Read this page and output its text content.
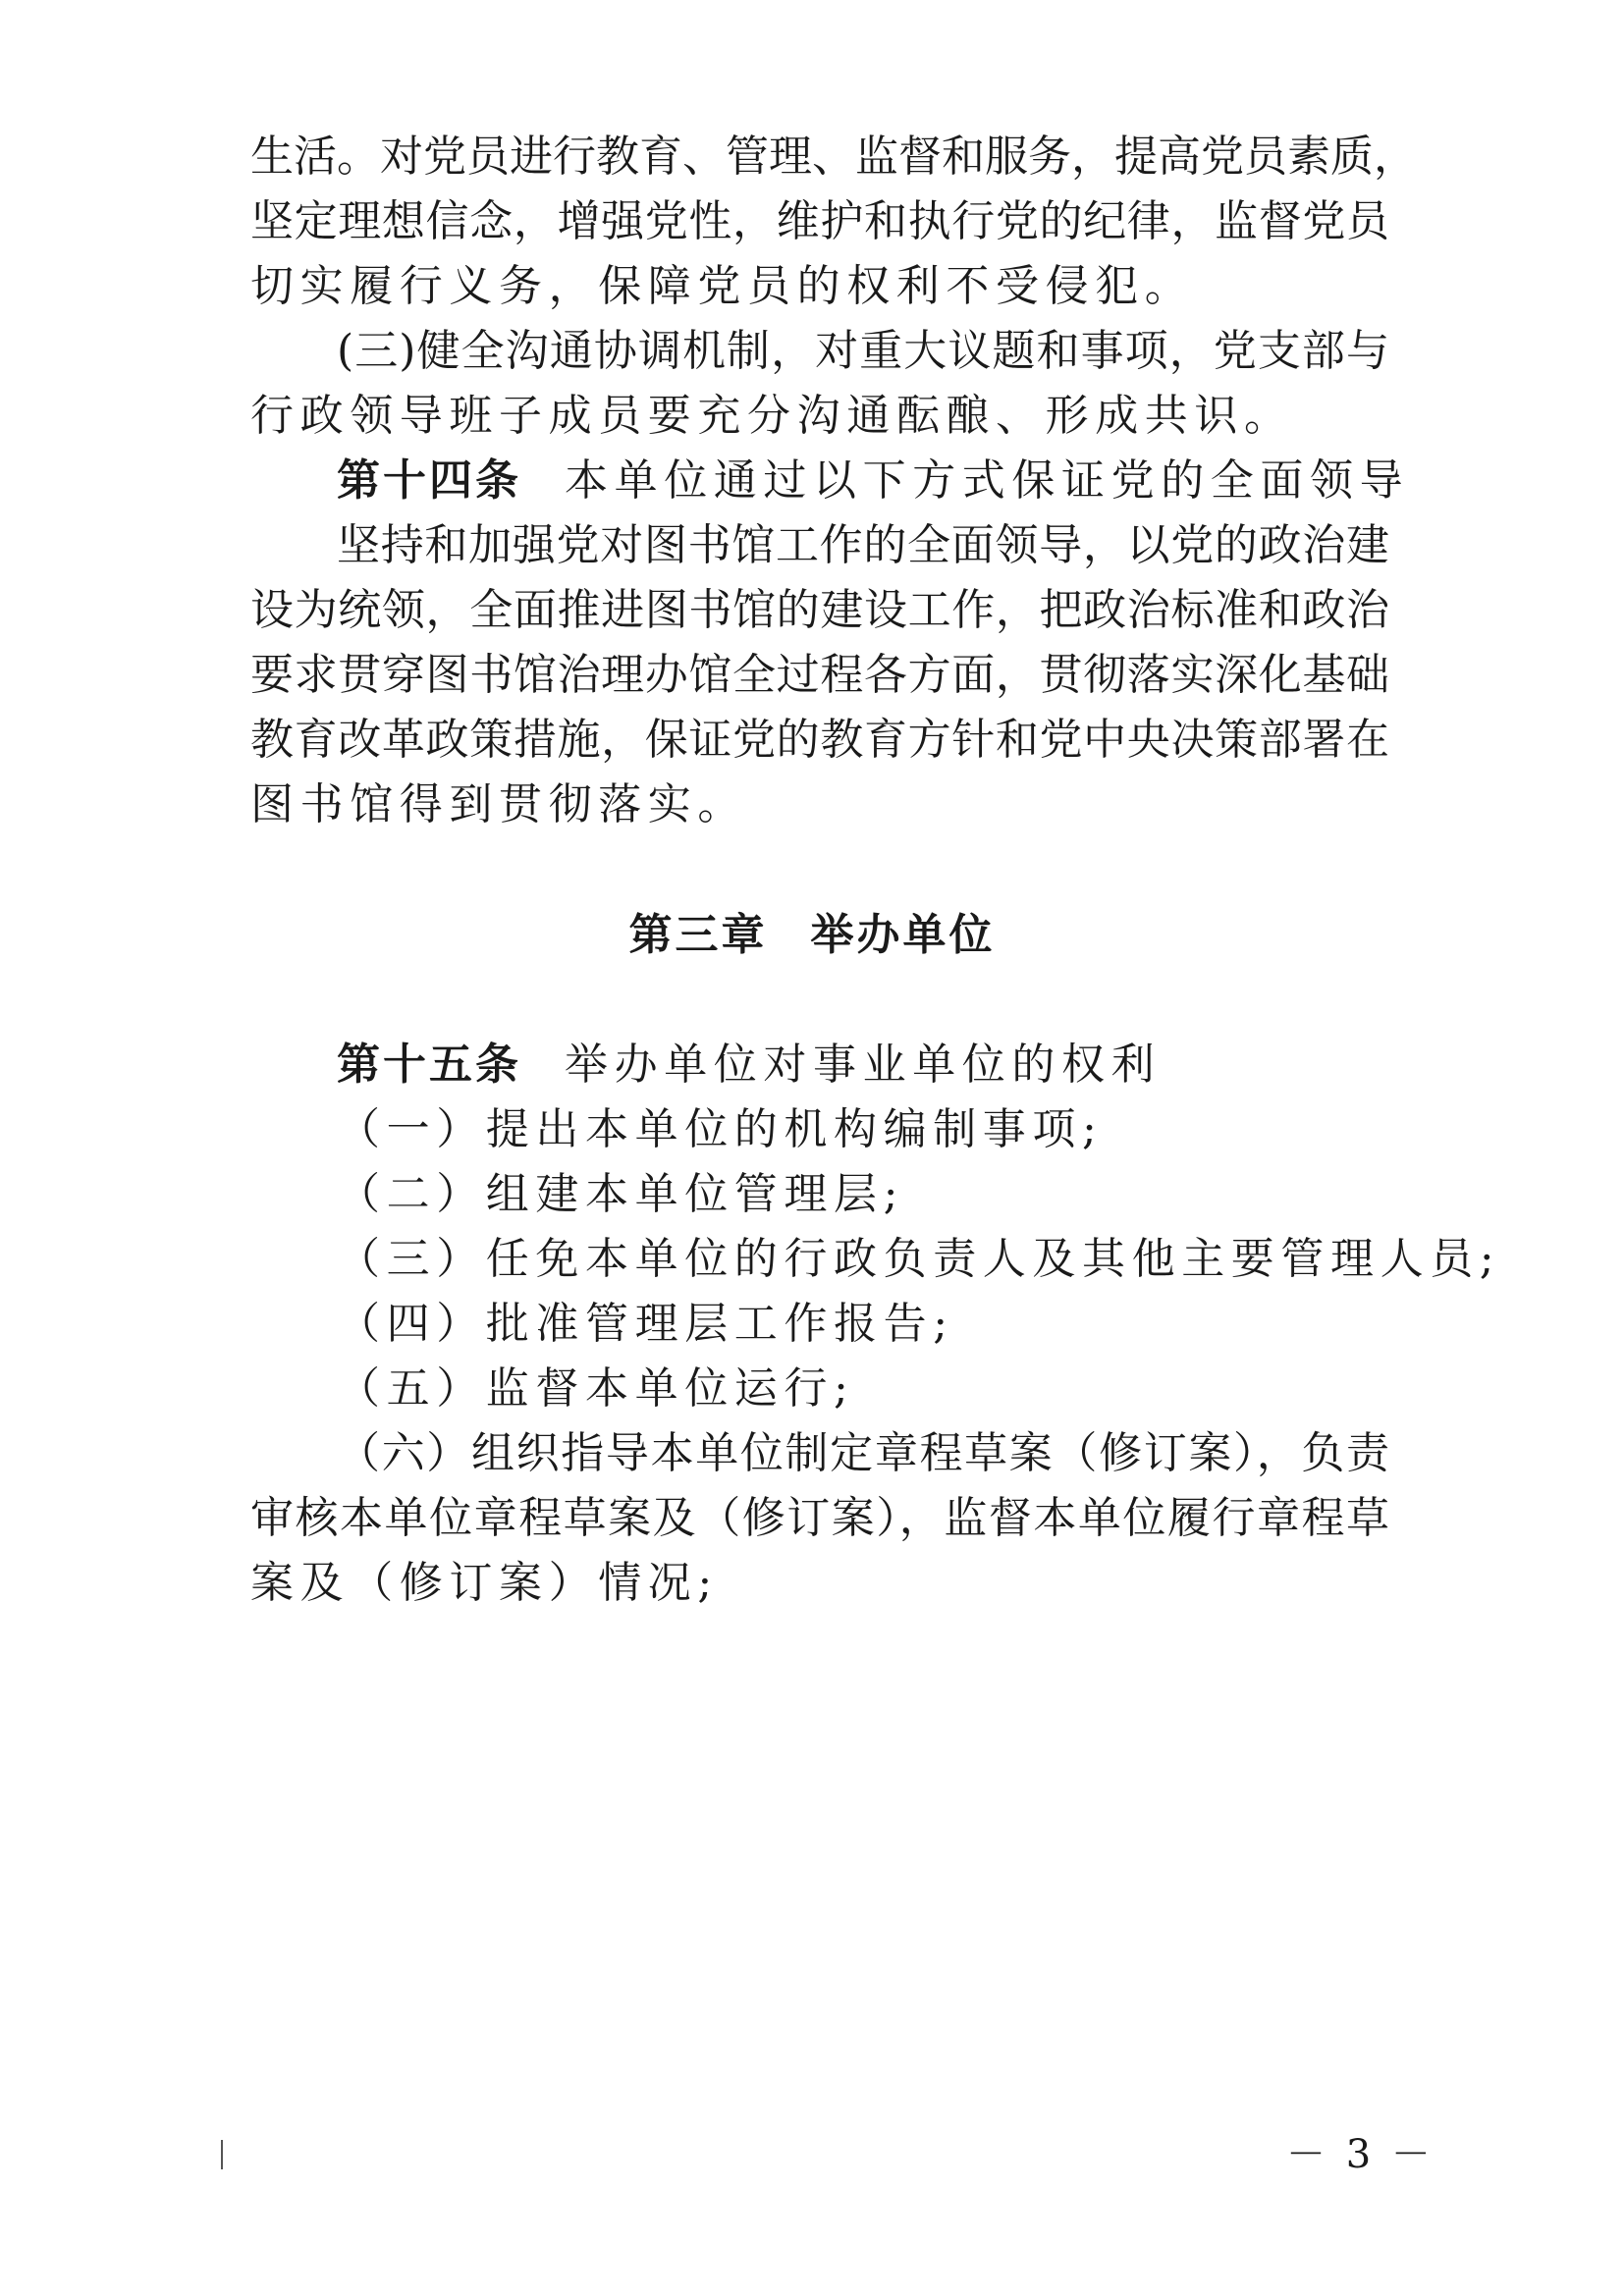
生活。对党员进行教育、管理、监督和服务，提高党员素质，
坚定理想信念，增强党性，维护和执行党的纪律，监督党员
切实履行义务，保障党员的权利不受侵犯。
(三)健全沟通协调机制，对重大议题和事项，党支部与
行政领导班子成员要充分沟通酝酿、形成共识。
第十四条 本单位通过以下方式保证党的全面领导
坚持和加强党对图书馆工作的全面领导，以党的政治建
设为统领，全面推进图书馆的建设工作，把政治标准和政治
要求贯穿图书馆治理办馆全过程各方面，贯彻落实深化基础
教育改革政策措施，保证党的教育方针和党中央决策部署在
图书馆得到贯彻落实。
第三章 举办单位
第十五条 举办单位对事业单位的权利
（一）提出本单位的机构编制事项;
（二）组建本单位管理层;
（三）任免本单位的行政负责人及其他主要管理人员;
（四）批准管理层工作报告;
（五）监督本单位运行;
（六）组织指导本单位制定章程草案（修订案），负责
审核本单位章程草案及（修订案），监督本单位履行章程草
案及（修订案）情况;
－ 3 －
